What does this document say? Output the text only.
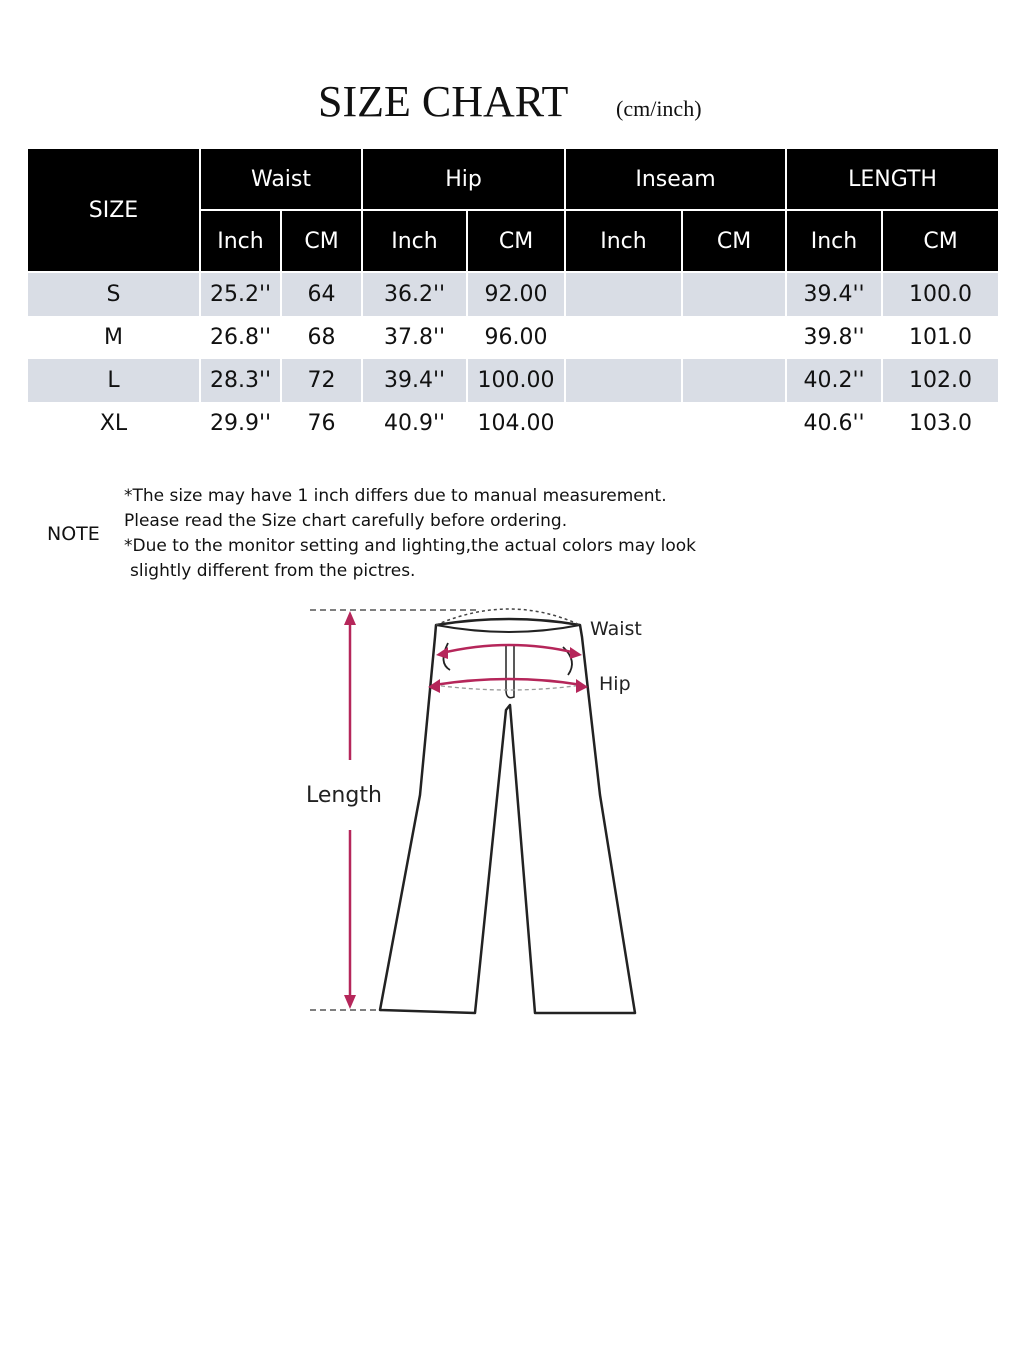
SIZE CHART (cm/inch)
SIZE	Waist		Hip		Inseam		LENGTH	
	Inch	CM	Inch	CM	Inch	CM	Inch	CM
S	25.2''	64	36.2''	92.00			39.4''	100.0
M	26.8''	68	37.8''	96.00			39.8''	101.0
L	28.3''	72	39.4''	100.00			40.2''	102.0
XL	29.9''	76	40.9''	104.00			40.6''	103.0
NOTE
*The size may have 1 inch differs due to manual measurement.
Please read the Size chart carefully before ordering.
*Due to the monitor setting and lighting,the actual colors may look
slightly different from the pictres.
Waist
Hip
Length
